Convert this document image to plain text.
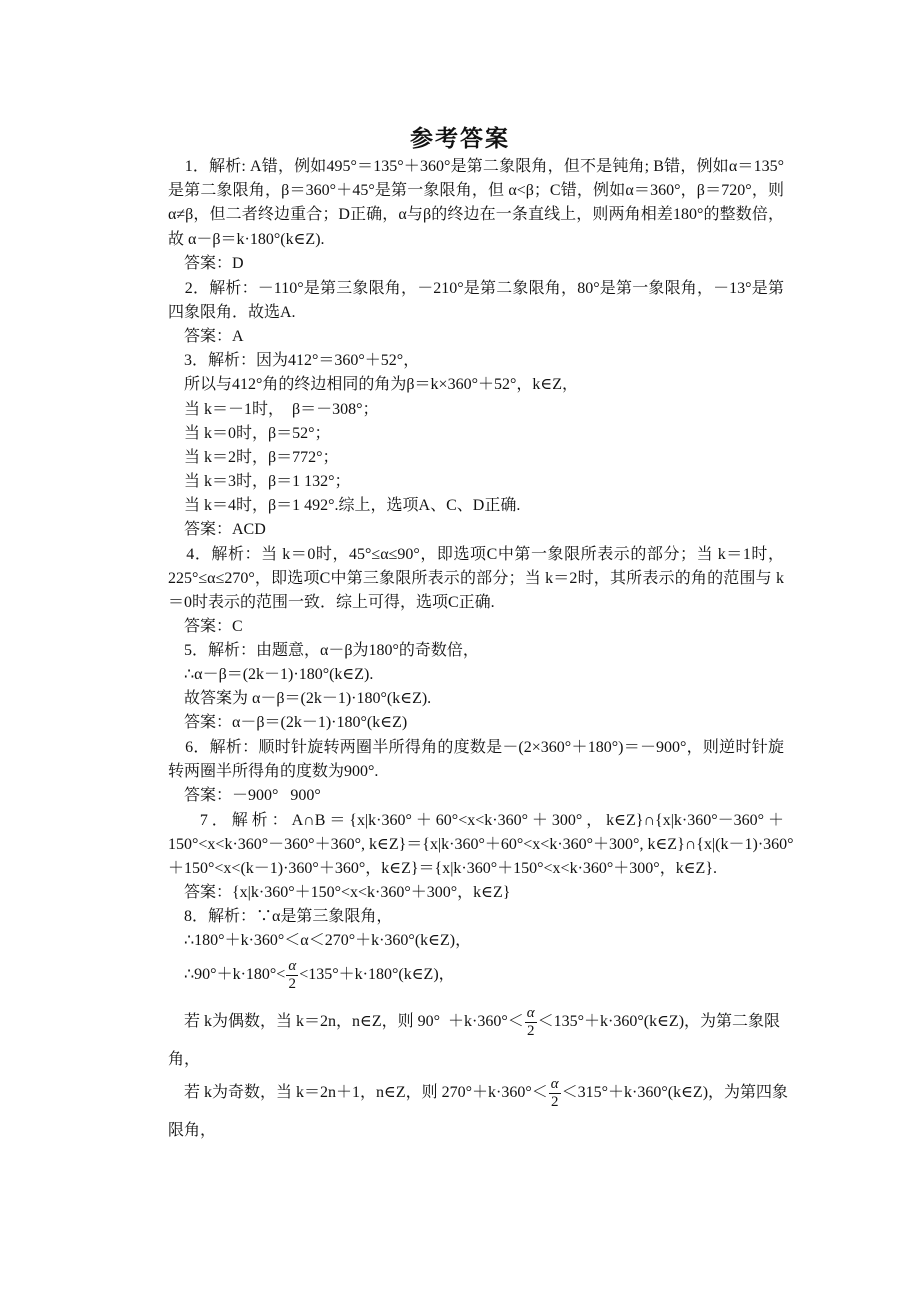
参考答案
1．解析: A错，例如495°＝135°＋360°是第二象限角，但不是钝角; B错，例如α＝135°
是第二象限角，β＝360°＋45°是第一象限角，但 α<β；C错，例如α＝360°，β＝720°，则
α≠β，但二者终边重合；D正确，α与β的终边在一条直线上，则两角相差180°的整数倍，
故 α－β＝k·180°(k∈Z).
答案：D
2．解析：－110°是第三象限角，－210°是第二象限角，80°是第一象限角，－13°是第
四象限角．故选A.
答案：A
3．解析：因为412°＝360°＋52°，
所以与412°角的终边相同的角为β＝k×360°＋52°，k∈Z，
当 k＝－1时，  β＝－308°；
当 k＝0时，β＝52°；
当 k＝2时，β＝772°；
当 k＝3时，β＝1 132°；
当 k＝4时，β＝1 492°.综上，选项A、C、D正确.
答案：ACD
4．解析：当 k＝0时，45°≤α≤90°，即选项C中第一象限所表示的部分；当 k＝1时，
225°≤α≤270°，即选项C中第三象限所表示的部分；当 k＝2时，其所表示的角的范围与 k
＝0时表示的范围一致．综上可得，选项C正确.
答案：C
5．解析：由题意，α－β为180°的奇数倍，
∴α－β＝(2k－1)·180°(k∈Z).
故答案为 α－β＝(2k－1)·180°(k∈Z).
答案：α－β＝(2k－1)·180°(k∈Z)
6．解析：顺时针旋转两圈半所得角的度数是－(2×360°＋180°)＝－900°，则逆时针旋
转两圈半所得角的度数为900°.
答案：－900°   900°
7．解析：A∩B＝{x|k·360°＋60°<x<k·360°＋300°，k∈Z}∩{x|k·360°－360°＋
150°<x<k·360°－360°＋360°, k∈Z}＝{x|k·360°＋60°<x<k·360°＋300°, k∈Z}∩{x|(k－1)·360°
＋150°<x<(k－1)·360°＋360°，k∈Z}＝{x|k·360°＋150°<x<k·360°＋300°，k∈Z}.
答案：{x|k·360°＋150°<x<k·360°＋300°，k∈Z}
8．解析：∵α是第三象限角，
∴180°＋k·360°＜α＜270°＋k·360°(k∈Z)，
角，
限角，
∴90°＋k·180°< $\frac{\alpha}{2}$ <135°＋k·180°(k∈Z)，
若 k为偶数，当 k＝2n，n∈Z，则 $90^\circ +k\cdot 360^\circ< \frac{\alpha}{2}$ ＜135°＋k·360°(k∈Z)，为第二象限
若 k为奇数，当 k＝2n＋1，n∈Z，则 $270^\circ+k\cdot 360^\circ< \frac{\alpha}{2}$ ＜315°＋k·360°(k∈Z)，为第四象
